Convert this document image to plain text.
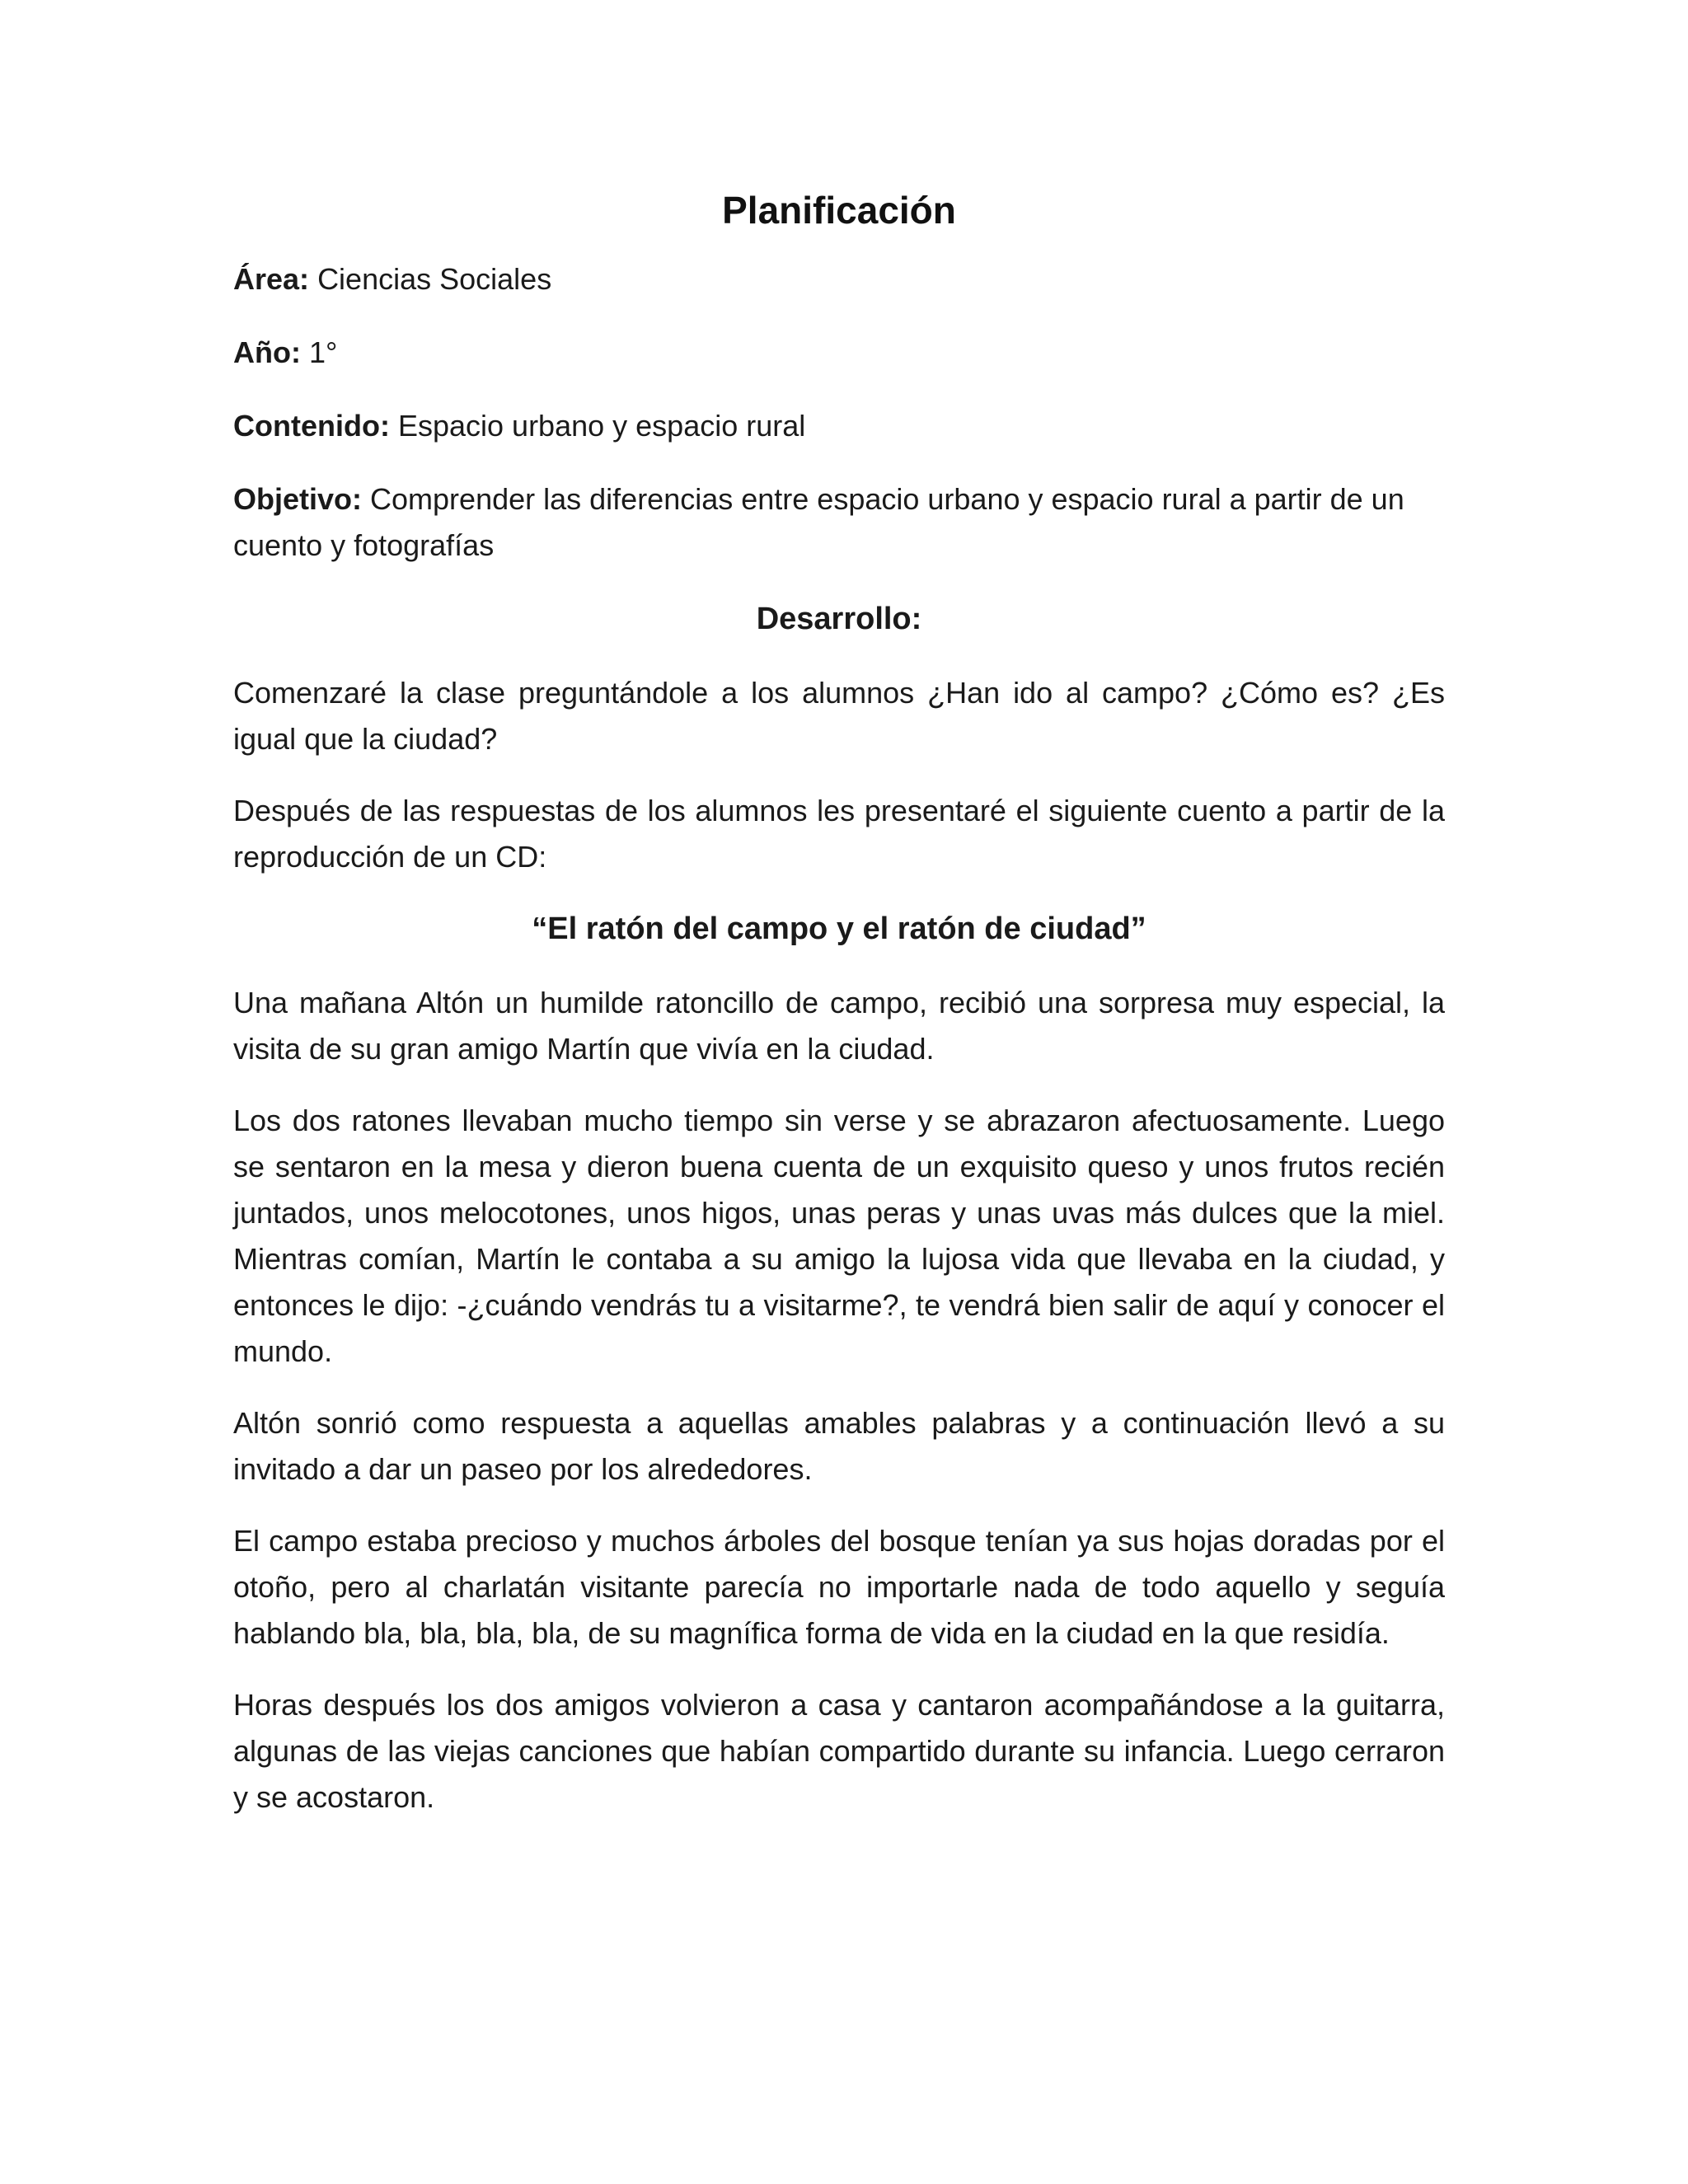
Planificación

Área: Ciencias Sociales

Año: 1°

Contenido: Espacio urbano y espacio rural

Objetivo: Comprender las diferencias entre espacio urbano y espacio rural a partir de un cuento y fotografías

Desarrollo:

Comenzaré la clase preguntándole a los alumnos ¿Han ido al campo? ¿Cómo es? ¿Es igual que la ciudad?

Después de las respuestas de los alumnos les presentaré el siguiente cuento a partir de la reproducción de un CD:

“El ratón del campo y el ratón de ciudad”

Una mañana Altón un humilde ratoncillo de campo, recibió una sorpresa muy especial, la visita de su gran amigo Martín que vivía en la ciudad.

Los dos ratones llevaban mucho tiempo sin verse y se abrazaron afectuosamente. Luego se sentaron en la mesa y dieron buena cuenta de un exquisito queso y unos frutos recién juntados, unos melocotones, unos higos, unas peras y unas uvas más dulces que la miel. Mientras comían, Martín le contaba a su amigo la lujosa vida que llevaba en la ciudad, y entonces le dijo: -¿cuándo vendrás tu a visitarme?, te vendrá bien salir de aquí y conocer el mundo.

Altón sonrió como respuesta a aquellas amables palabras y a continuación llevó a su invitado a dar un paseo por los alrededores.

El campo estaba precioso y muchos árboles del bosque tenían ya sus hojas doradas por el otoño, pero al charlatán visitante parecía no importarle nada de todo aquello y seguía hablando bla, bla, bla, bla, de su magnífica forma de vida en la ciudad en la que residía.

Horas después los dos amigos volvieron a casa y cantaron acompañándose a la guitarra, algunas de las viejas canciones que habían compartido durante su infancia. Luego cerraron y se acostaron.
